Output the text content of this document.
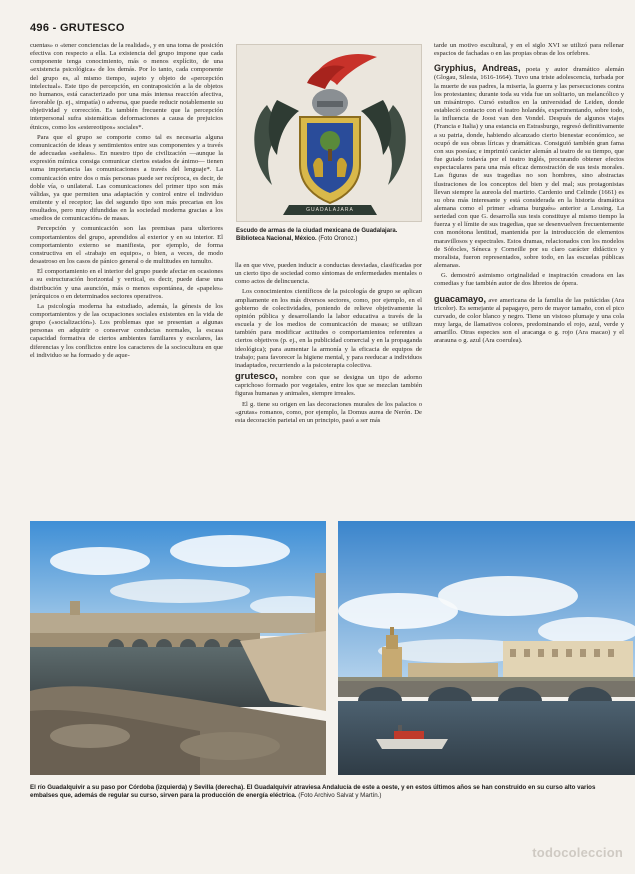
496 - GRUTESCO

cuentas» o «tener conciencias de la realidad», y en una toma de posición efectiva con respecto a ella. La existencia del grupo impone que cada componente tenga conocimiento, más o menos explícito, de una «existencia psicológica» de los demás. Por lo tanto, cada componente del grupo es, al mismo tiempo, sujeto y objeto de «percepción intelectual». Este tipo de percepción, en contraposición a la de objetos no humanos, está caracterizado por una más intensa reacción afectiva, favorable (p. ej., simpatía) o adversa, que puede reducir notablemente su objetividad y corrección. Es también frecuente que la percepción interpersonal sufra sistemáticas deformaciones a causa de prejuicios étnicos, como los «estereotipos» sociales*.

Para que el grupo se comporte como tal es necesaria alguna comunicación de ideas y sentimientos entre sus componentes y a través de adecuadas «señales». En nuestro tipo de civilización —aunque la expresión mímica consiga comunicar ciertos estados de ánimo— tienen suma importancia las comunicaciones a través del lenguaje*. La comunicación entre dos o más personas puede ser recíproca, es decir, de doble vía, o unilateral. Las comunicaciones del primer tipo son más válidas, ya que permiten una adaptación y control entre el individuo emitente y el receptor; las del segundo tipo son más precarias en los resultados, pero muy difundidas en la sociedad moderna gracias a los «medios de comunicación» de masas.

Percepción y comunicación son las premisas para ulteriores comportamientos del grupo, aprendidos al exterior y en su interior. El comportamiento externo se manifiesta, por ejemplo, de forma constructiva en el «trabajo en equipo», o bien, a veces, de modo desastroso en los casos de pánico general o de multitudes en tumulto.

El comportamiento en el interior del grupo puede afectar en ocasiones a su estructuración horizontal y vertical, es decir, puede darse una distribución y una asunción, más o menos espontánea, de «papeles» jerárquicos o en determinados sectores operativos.

La psicología moderna ha estudiado, además, la génesis de los comportamientos y de las ocupaciones sociales existentes en la vida de grupo («socialización»). Los problemas que se presentan a algunas personas en adquirir o conservar conductas normales, la escasa capacidad formativa de ciertos ambientes familiares y escolares, las diferencias y los conflictos entre los caracteres de la sociocultura en que el individuo se ha formado y de aque-

GUADALAJARA
Escudo de armas de la ciudad mexicana de Guadalajara. Biblioteca Nacional, México. (Foto Oronoz.)

lla en que vive, pueden inducir a conductas desviadas, clasificadas por un cierto tipo de sociedad como síntomas de enfermedades mentales o como actos de delincuencia.

Los conocimientos científicos de la psicología de grupo se aplican ampliamente en los más diversos sectores, como, por ejemplo, en el gobierno de colectividades, poniendo de relieve objetivamente la opinión pública y desarrollando la labor educativa a través de la escuela y de los medios de comunicación de masas; se utilizan también para modificar actitudes o comportamientos referentes a ciertos objetivos (p. ej., en la publicidad comercial y en la propaganda ideológica); para aumentar la armonía y la eficacia de equipos de trabajo; para favorecer la higiene mental, y para reeducar a individuos inadaptados, recurriendo a la psicoterapia colectiva.

grutesco, nombre con que se designa un tipo de adorno caprichoso formado por vegetales, entre los que se mezclan también figuras humanas y animales, siempre irreales.

El g. tiene su origen en las decoraciones murales de los palacios o «grutas» romanos, como, por ejemplo, la Domus aurea de Nerón. De esta decoración parietal en un principio, pasó a ser más

tarde un motivo escultural, y en el siglo XVI se utilizó para rellenar espacios de fachadas o en las propias obras de los orfebres.

Gryphius, Andreas, poeta y autor dramático alemán (Glogau, Silesia, 1616-1664). Tuvo una triste adolescencia, turbada por la muerte de sus padres, la miseria, la guerra y las persecuciones contra los protestantes; durante toda su vida fue un solitario, un melancólico y un misántropo. Cursó estudios en la universidad de Leiden, donde estableció contacto con el teatro holandés, experimentando, sobre todo, la influencia de Joost van den Vondel. Después de algunos viajes (Francia e Italia) y una estancia en Estrasburgo, regresó definitivamente a su patria, donde, habiendo alcanzado cierto bienestar económico, se ocupó de sus obras líricas y dramáticas. Consiguió también gran fama con sus poesías; e imprimió carácter alemán al teatro de su tiempo, que fue guiado todavía por el teatro inglés, procurando obtener efectos espectaculares para una más eficaz demostración de sus tesis morales. Las figuras de sus tragedias no son hombres, sino abstractas ilustraciones de los conceptos del bien y del mal; sus protagonistas llevan siempre la aureola del martirio. Cardenio und Celinde (1661) es su obra más interesante y está considerada en la historia dramática alemana como el primer «drama burgués» anterior a Lessing. La seriedad con que G. desarrolla sus tesis constituye al mismo tiempo la fuerza y el límite de sus tragedias, que se desenvuelven frecuentemente con monótona lentitud, mantenida por la introducción de elementos maravillosos y espectrales. Estos dramas, relacionados con los modelos de Sófocles, Séneca y Corneille por su claro carácter didáctico y moralista, fueron representados, sobre todo, en las escuelas públicas alemanas.

G. demostró asimismo originalidad e inspiración creadora en las comedias y fue también autor de dos libretos de ópera.

guacamayo, ave americana de la familia de las psitácidas (Ara tricolor). Es semejante al papagayo, pero de mayor tamaño, con el pico curvado, de color blanco y negro. Tiene un vistoso plumaje y una cola muy larga, de llamativos colores, predominando el rojo, azul, verde y amarillo. Otras especies son el aracanga o g. rojo (Ara macao) y el ararauna o g. azul (Ara coerulea).

El río Guadalquivir a su paso por Córdoba (izquierda) y Sevilla (derecha). El Guadalquivir atraviesa Andalucía de este a oeste, y en estos últimos años se han construido en su curso alto varios embalses que, además de regular su curso, sirven para la producción de energía eléctrica. (Foto Archivo Salvat y Martín.)
todocoleccion
